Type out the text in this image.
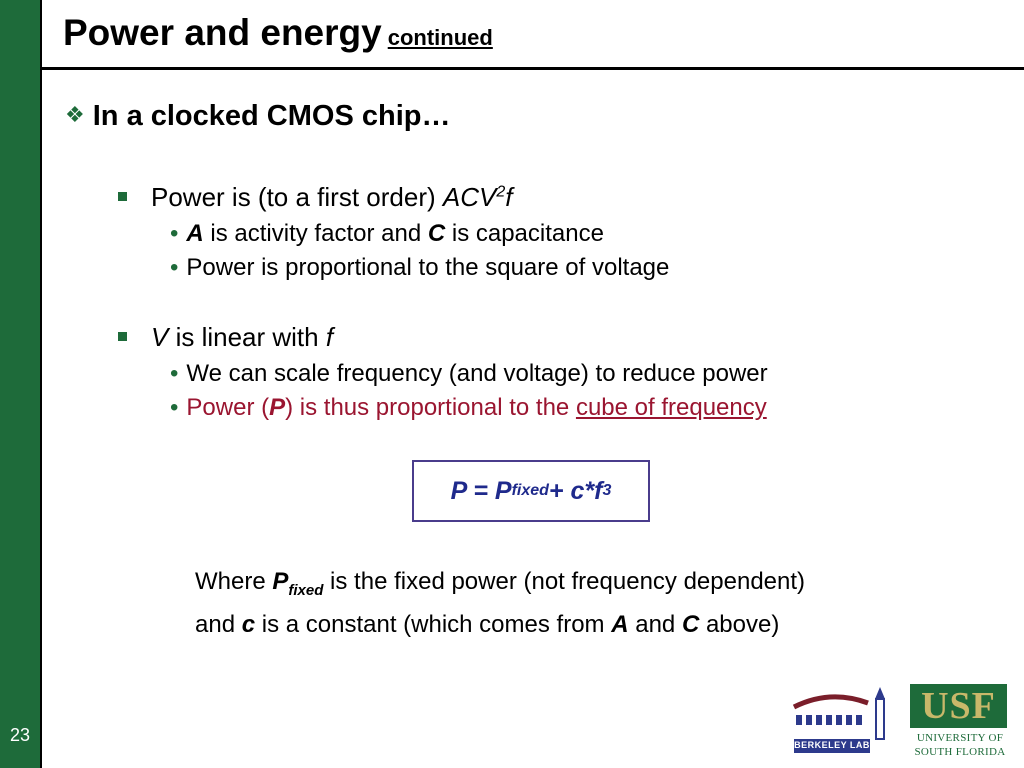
23
Power and energy continued
❖ In a clocked CMOS chip…
Power is (to a first order) ACV$^2$f
• A is activity factor and C is capacitance
• Power is proportional to the square of voltage
V is linear with f
• We can scale frequency (and voltage) to reduce power
• Power (P) is thus proportional to the cube of frequency
P = P fixed + c*f 3
Where $P_{fixed}$ is the fixed power (not frequency dependent)
and c is a constant (which comes from A and C above)
BERKELEY LAB
USF
UNIVERSITY OF
SOUTH FLORIDA
